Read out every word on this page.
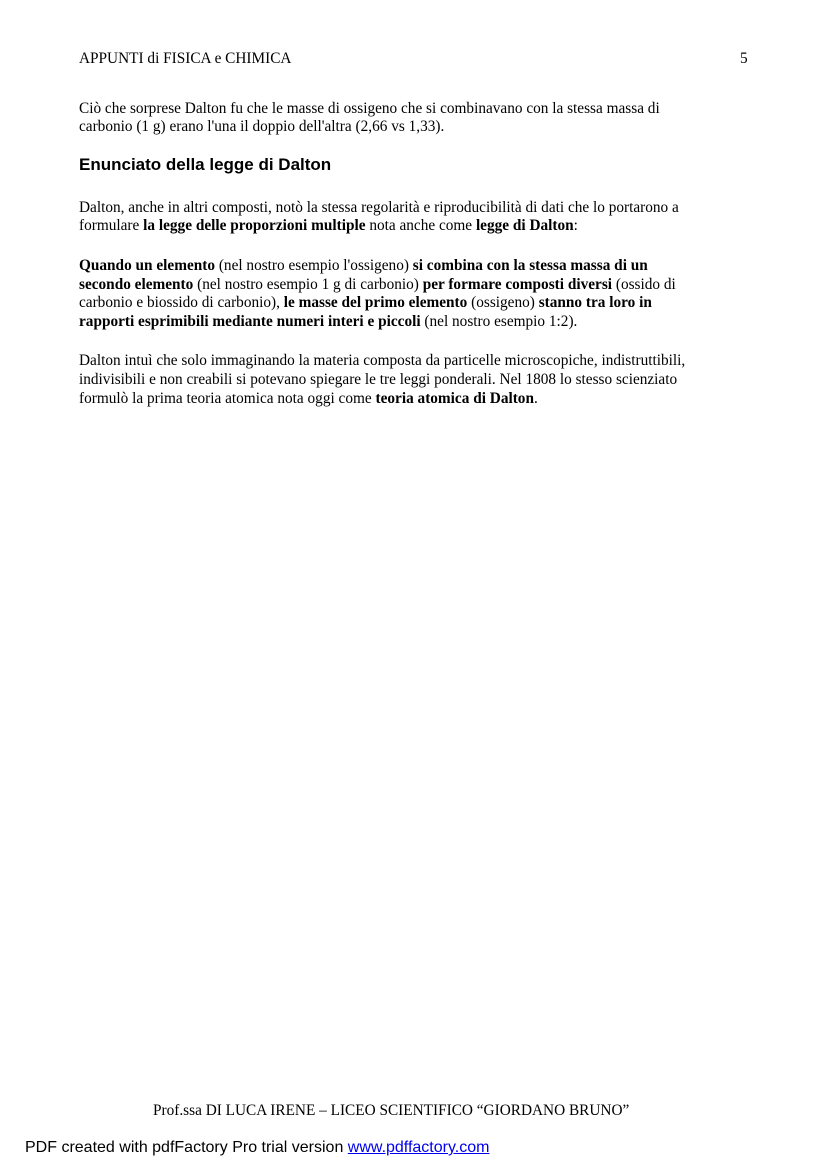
APPUNTI di FISICA e CHIMICA	5
Enunciato della legge di Dalton
Ciò che sorprese Dalton fu che le masse di ossigeno che si combinavano con la stessa massa di
carbonio (1 g) erano l'una il doppio dell'altra (2,66 vs 1,33).
Dalton, anche in altri composti, notò la stessa regolarità e riproducibilità di dati che lo portarono a
formulare la legge delle proporzioni multiple nota anche come legge di Dalton:
Quando un elemento (nel nostro esempio l'ossigeno) si combina con la stessa massa di un
secondo elemento (nel nostro esempio 1 g di carbonio) per formare composti diversi (ossido di
carbonio e biossido di carbonio), le masse del primo elemento (ossigeno) stanno tra loro in
rapporti esprimibili mediante numeri interi e piccoli (nel nostro esempio 1:2).
Dalton intuì che solo immaginando la materia composta da particelle microscopiche, indistruttibili,
indivisibili e non creabili si potevano spiegare le tre leggi ponderali. Nel 1808 lo stesso scienziato
formulò la prima teoria atomica nota oggi come teoria atomica di Dalton.
Prof.ssa DI LUCA IRENE – LICEO SCIENTIFICO “GIORDANO BRUNO”
PDF created with pdfFactory Pro trial version www.pdffactory.com
